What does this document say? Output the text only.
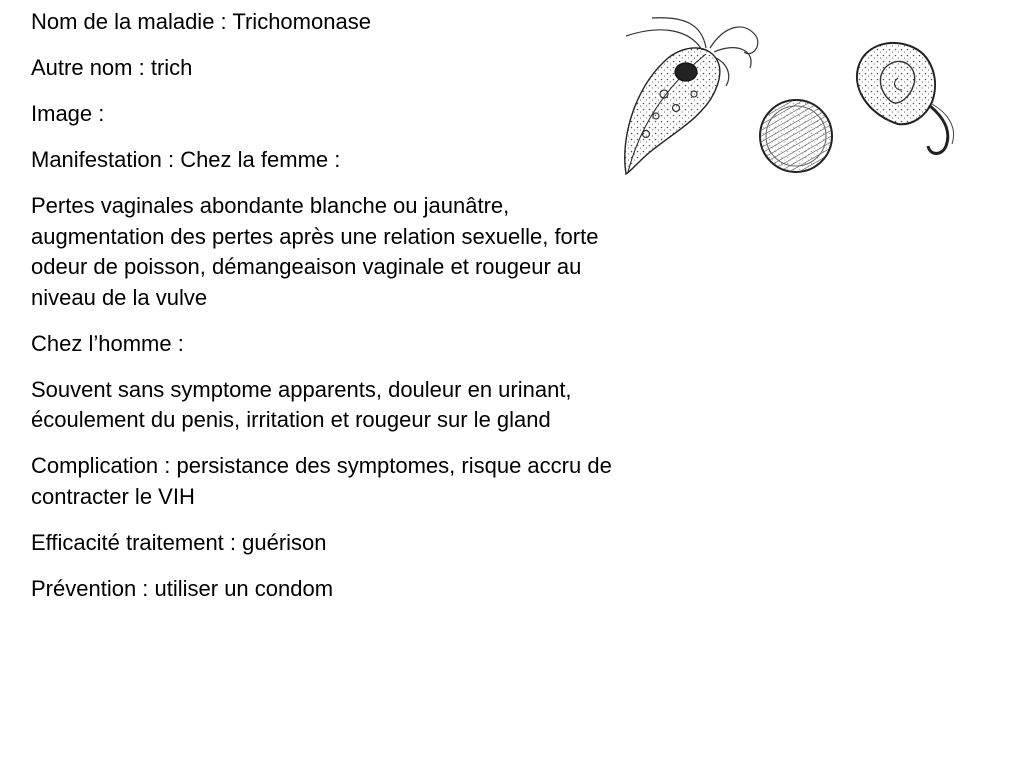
Nom de la maladie : Trichomonase

Autre nom : trich

Image :

Manifestation : Chez la femme :

Pertes vaginales abondante blanche ou jaunâtre, augmentation des pertes après une relation sexuelle, forte odeur de poisson, démangeaison vaginale et rougeur au niveau de la vulve

Chez l’homme :

Souvent sans symptome apparents, douleur en urinant, écoulement du penis, irritation et rougeur sur le gland

Complication : persistance des symptomes, risque accru de contracter le VIH

Efficacité traitement : guérison

Prévention : utiliser un condom
